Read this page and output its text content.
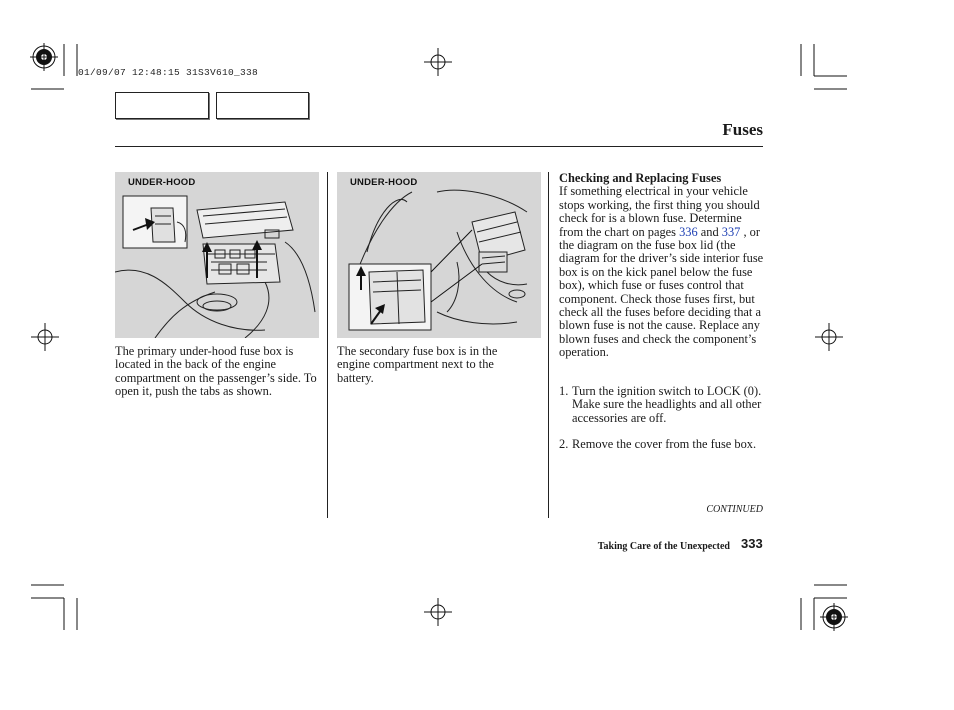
01/09/07 12:48:15 31S3V610_338
Fuses
UNDER-HOOD	UNDER-HOOD
The primary under-hood fuse box is located in the back of the engine compartment on the passenger’s side. To open it, push the tabs as shown.
The secondary fuse box is in the engine compartment next to the battery.
Checking and Replacing Fuses
If something electrical in your vehicle stops working, the first thing you should check for is a blown fuse. Determine from the chart on pages 336 and 337 , or the diagram on the fuse box lid (the diagram for the driver’s side interior fuse box is on the kick panel below the fuse box), which fuse or fuses control that component. Check those fuses first, but check all the fuses before deciding that a blown fuse is not the cause. Replace any blown fuses and check the component’s operation.
1. Turn the ignition switch to LOCK (0). Make sure the headlights and all other accessories are off.
2. Remove the cover from the fuse box.
CONTINUED
Taking Care of the Unexpected 333
